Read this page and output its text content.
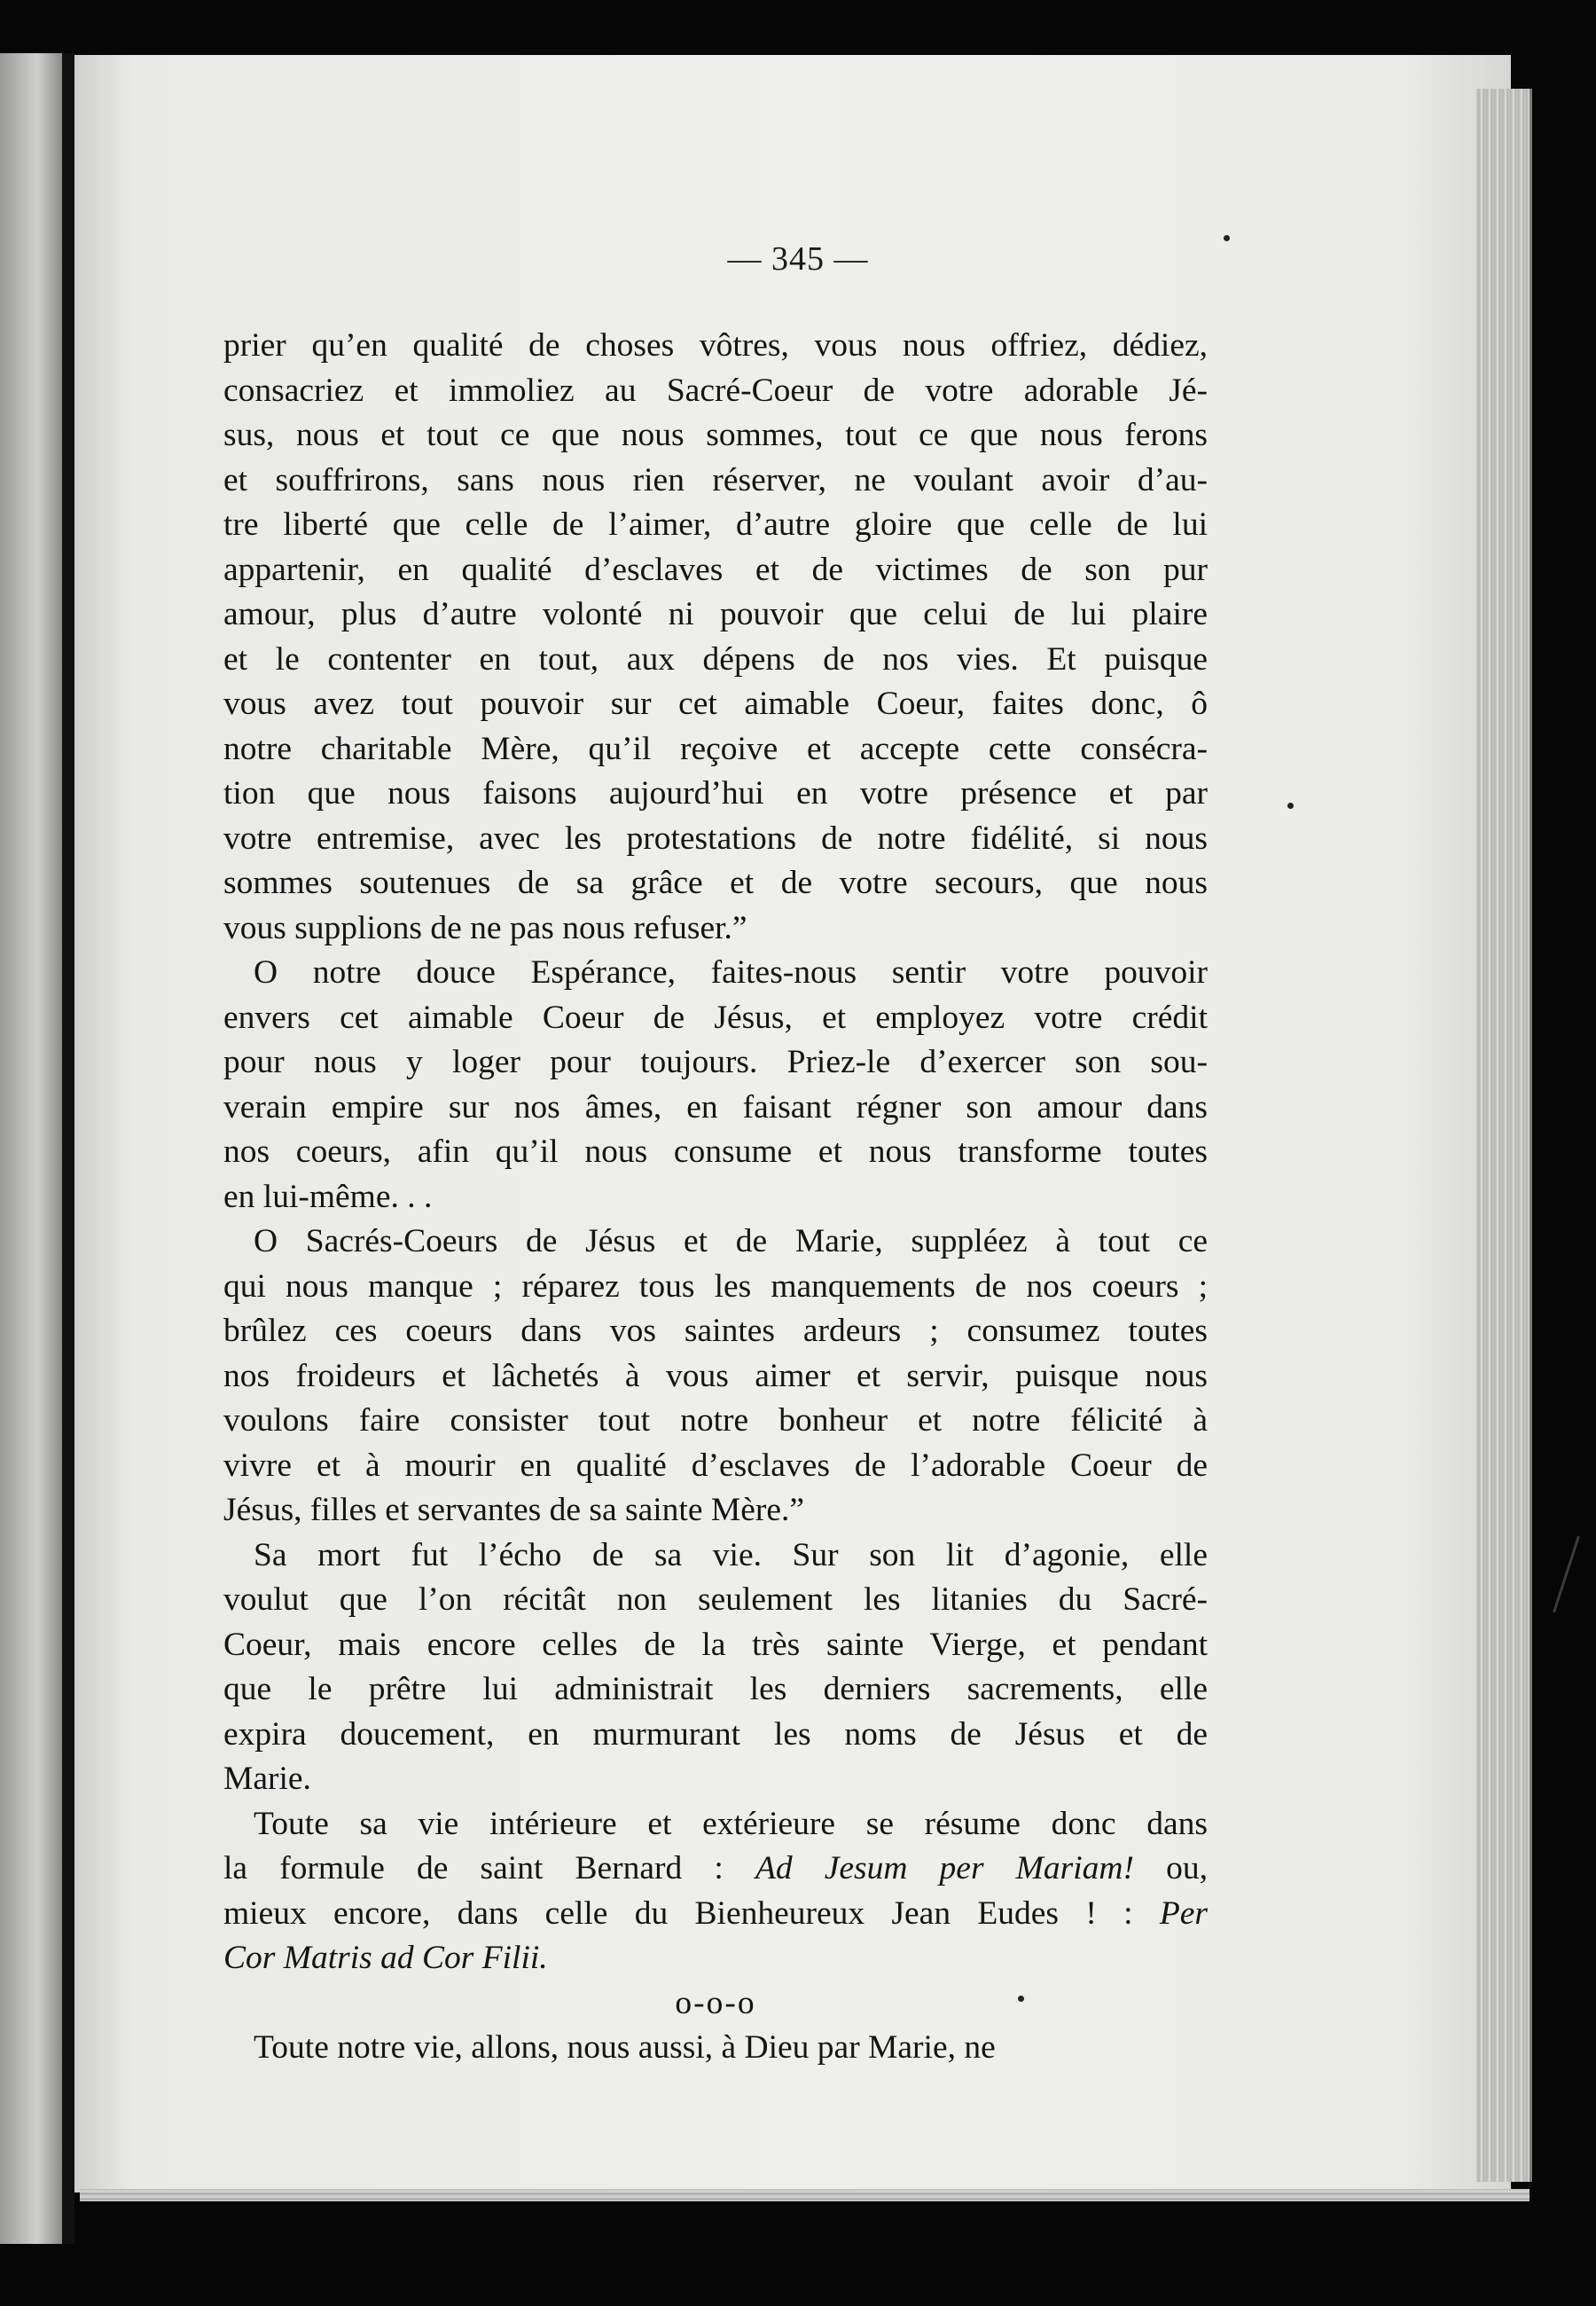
— 345 —

prier qu’en qualité de choses vôtres, vous nous offriez, dédiez,

consacriez et immoliez au Sacré-Coeur de votre adorable Jé-

sus, nous et tout ce que nous sommes, tout ce que nous ferons

et souffrirons, sans nous rien réserver, ne voulant avoir d’au-

tre liberté que celle de l’aimer, d’autre gloire que celle de lui

appartenir, en qualité d’esclaves et de victimes de son pur

amour, plus d’autre volonté ni pouvoir que celui de lui plaire

et le contenter en tout, aux dépens de nos vies. Et puisque

vous avez tout pouvoir sur cet aimable Coeur, faites donc, ô

notre charitable Mère, qu’il reçoive et accepte cette consécra-

tion que nous faisons aujourd’hui en votre présence et par

votre entremise, avec les protestations de notre fidélité, si nous

sommes soutenues de sa grâce et de votre secours, que nous

vous supplions de ne pas nous refuser.”

O notre douce Espérance, faites-nous sentir votre pouvoir

envers cet aimable Coeur de Jésus, et employez votre crédit

pour nous y loger pour toujours. Priez-le d’exercer son sou-

verain empire sur nos âmes, en faisant régner son amour dans

nos coeurs, afin qu’il nous consume et nous transforme toutes

en lui-même. . .

O Sacrés-Coeurs de Jésus et de Marie, suppléez à tout ce

qui nous manque ; réparez tous les manquements de nos coeurs ;

brûlez ces coeurs dans vos saintes ardeurs ; consumez toutes

nos froideurs et lâchetés à vous aimer et servir, puisque nous

voulons faire consister tout notre bonheur et notre félicité à

vivre et à mourir en qualité d’esclaves de l’adorable Coeur de

Jésus, filles et servantes de sa sainte Mère.”

Sa mort fut l’écho de sa vie. Sur son lit d’agonie, elle

voulut que l’on récitât non seulement les litanies du Sacré-

Coeur, mais encore celles de la très sainte Vierge, et pendant

que le prêtre lui administrait les derniers sacrements, elle

expira doucement, en murmurant les noms de Jésus et de

Marie.

Toute sa vie intérieure et extérieure se résume donc dans

la formule de saint Bernard : Ad Jesum per Mariam! ou,

mieux encore, dans celle du Bienheureux Jean Eudes ! : Per

Cor Matris ad Cor Filii.

o-o-o

Toute notre vie, allons, nous aussi, à Dieu par Marie, ne
